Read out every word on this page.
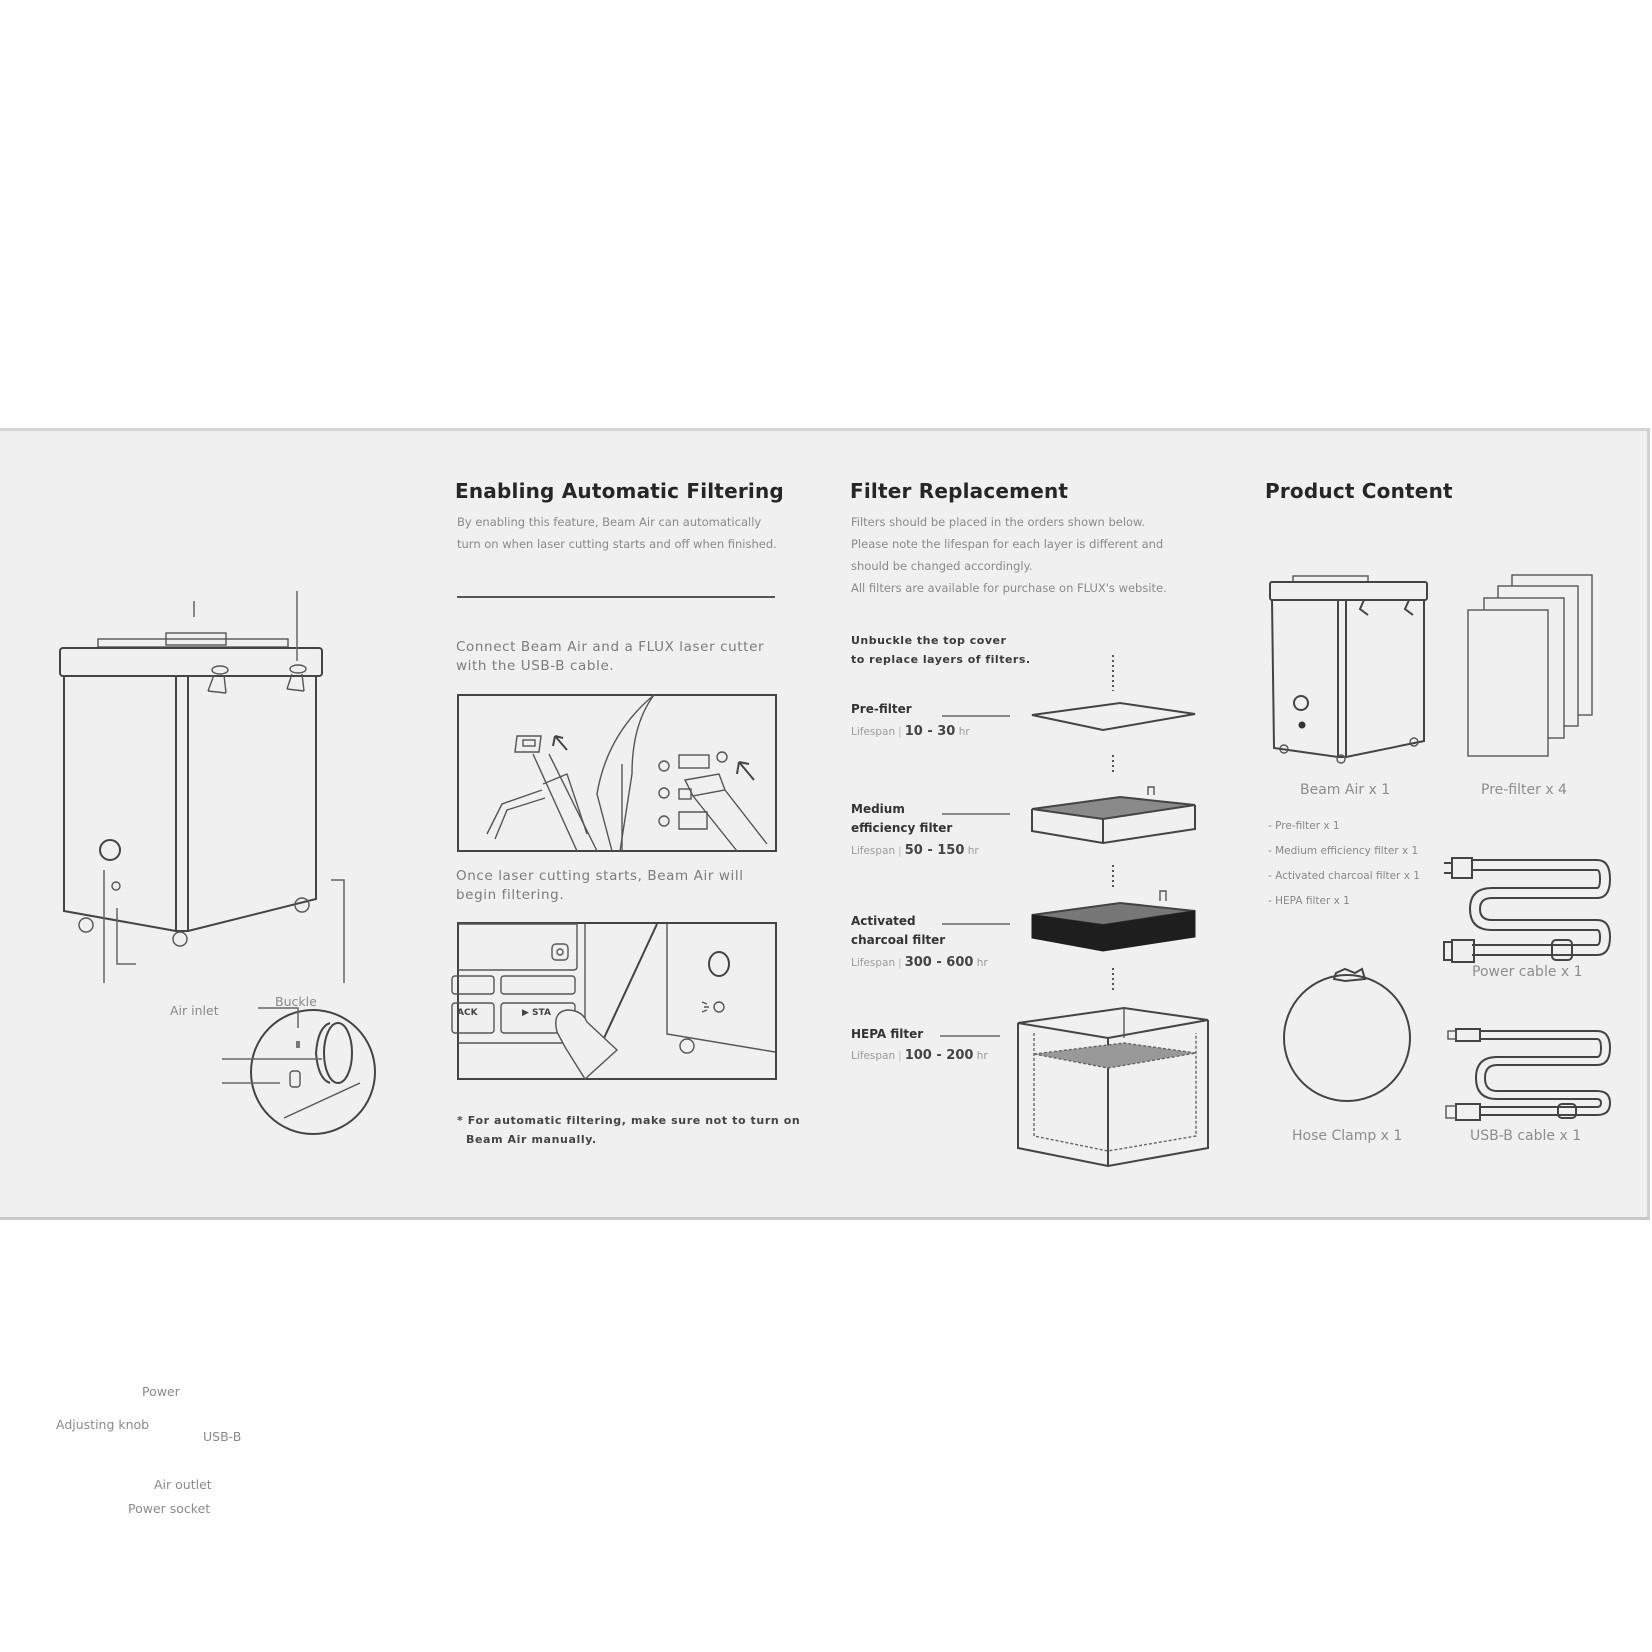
Air inlet
Buckle
Power
Adjusting knob
USB-B
Air outlet
Power socket
Enabling Automatic Filtering
By enabling this feature, Beam Air can automatically
turn on when laser cutting starts and off when finished.
Connect Beam Air and a FLUX laser cutter
with the USB-B cable.
Once laser cutting starts, Beam Air will
begin filtering.
ACK	▶ STA
* For automatic filtering, make sure not to turn on
Beam Air manually.
Filter Replacement
Filters should be placed in the orders shown below.
Please note the lifespan for each layer is different and
should be changed accordingly.
All filters are available for purchase on FLUX's website.
Unbuckle the top cover
to replace layers of filters.
Pre-filter
Lifespan | 10 - 30 hr
Medium
efficiency filter
Lifespan | 50 - 150 hr
Activated
charcoal filter
Lifespan | 300 - 600 hr
HEPA filter
Lifespan | 100 - 200 hr
Product Content
Beam Air x 1	Pre-filter x 4
- Pre-filter x 1
- Medium efficiency filter x 1
- Activated charcoal filter x 1
- HEPA filter x 1
Power cable x 1
Hose Clamp x 1	USB-B cable x 1
